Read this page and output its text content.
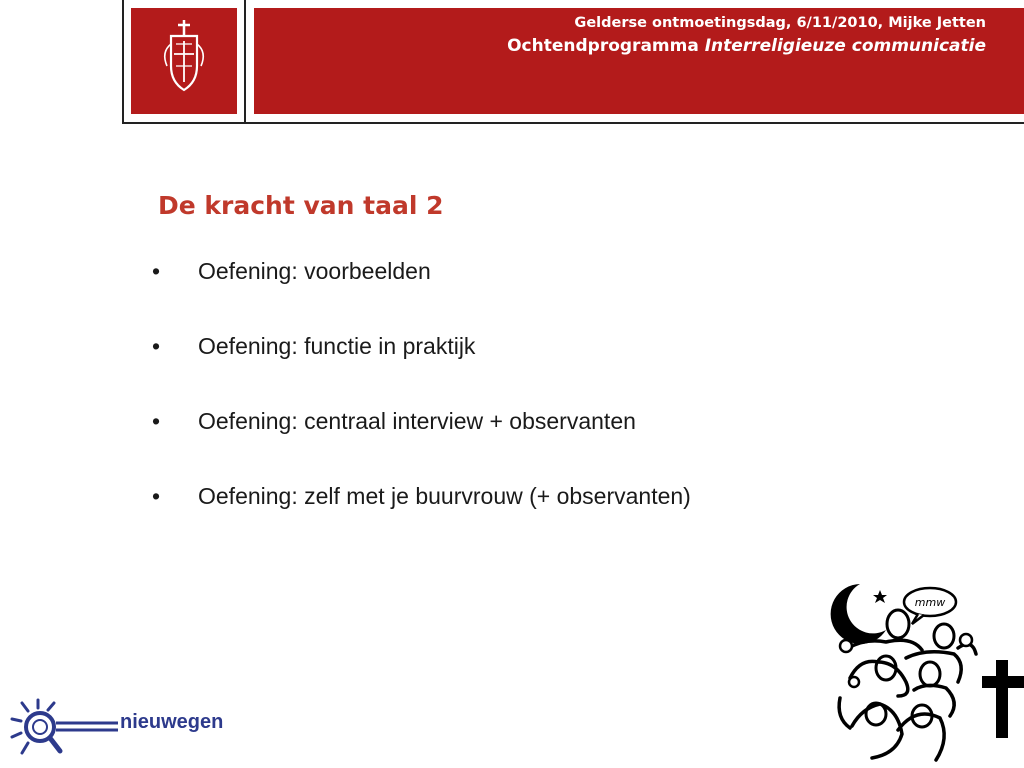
IN DEI NOMINE FELICITER
Gelderse ontmoetingsdag, 6/11/2010, Mijke Jetten
Ochtendprogramma Interreligieuze communicatie
De kracht van taal 2
•	Oefening: voorbeelden
•	Oefening: functie in praktijk
•	Oefening: centraal interview + observanten
•	Oefening: zelf met je buurvrouw (+ observanten)
nieuwegen
mmw
